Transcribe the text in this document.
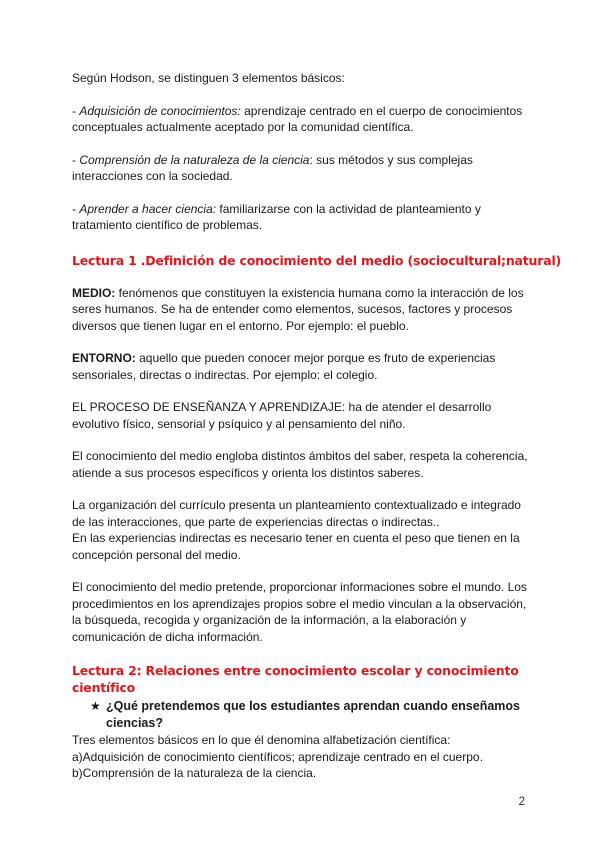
Según Hodson, se distinguen 3 elementos básicos:

- Adquisición de conocimientos: aprendizaje centrado en el cuerpo de conocimientos conceptuales actualmente aceptado por la comunidad científica.

- Comprensión de la naturaleza de la ciencia: sus métodos y sus complejas interacciones con la sociedad.

- Aprender a hacer ciencia: familiarizarse con la actividad de planteamiento y tratamiento científico de problemas.

Lectura 1 .Definición de conocimiento del medio (sociocultural;natural)

MEDIO: fenómenos que constituyen la existencia humana como la interacción de los seres humanos. Se ha de entender como elementos, sucesos, factores y procesos diversos que tienen lugar en el entorno. Por ejemplo: el pueblo.

ENTORNO: aquello que pueden conocer mejor porque es fruto de experiencias sensoriales, directas o indirectas. Por ejemplo: el colegio.

EL PROCESO DE ENSEÑANZA Y APRENDIZAJE: ha de atender el desarrollo evolutivo físico, sensorial y psíquico y al pensamiento del niño.

El conocimiento del medio engloba distintos ámbitos del saber, respeta la coherencia, atiende a sus procesos específicos y orienta los distintos saberes.

La organización del currículo presenta un planteamiento contextualizado e integrado de las interacciones, que parte de experiencias directas o indirectas..

En las experiencias indirectas es necesario tener en cuenta el peso que tienen en la concepción personal del medio.

El conocimiento del medio pretende, proporcionar informaciones sobre el mundo. Los procedimientos en los aprendizajes propios sobre el medio vinculan a la observación, la búsqueda, recogida y organización de la información, a la elaboración y comunicación de dicha información.

Lectura 2: Relaciones entre conocimiento escolar y conocimiento científico

★ ¿Qué pretendemos que los estudiantes aprendan cuando enseñamos ciencias?

Tres elementos básicos en lo que él denomina alfabetización científica:

a)Adquisición de conocimiento científicos; aprendizaje centrado en el cuerpo.

b)Comprensión de la naturaleza de la ciencia.

2
